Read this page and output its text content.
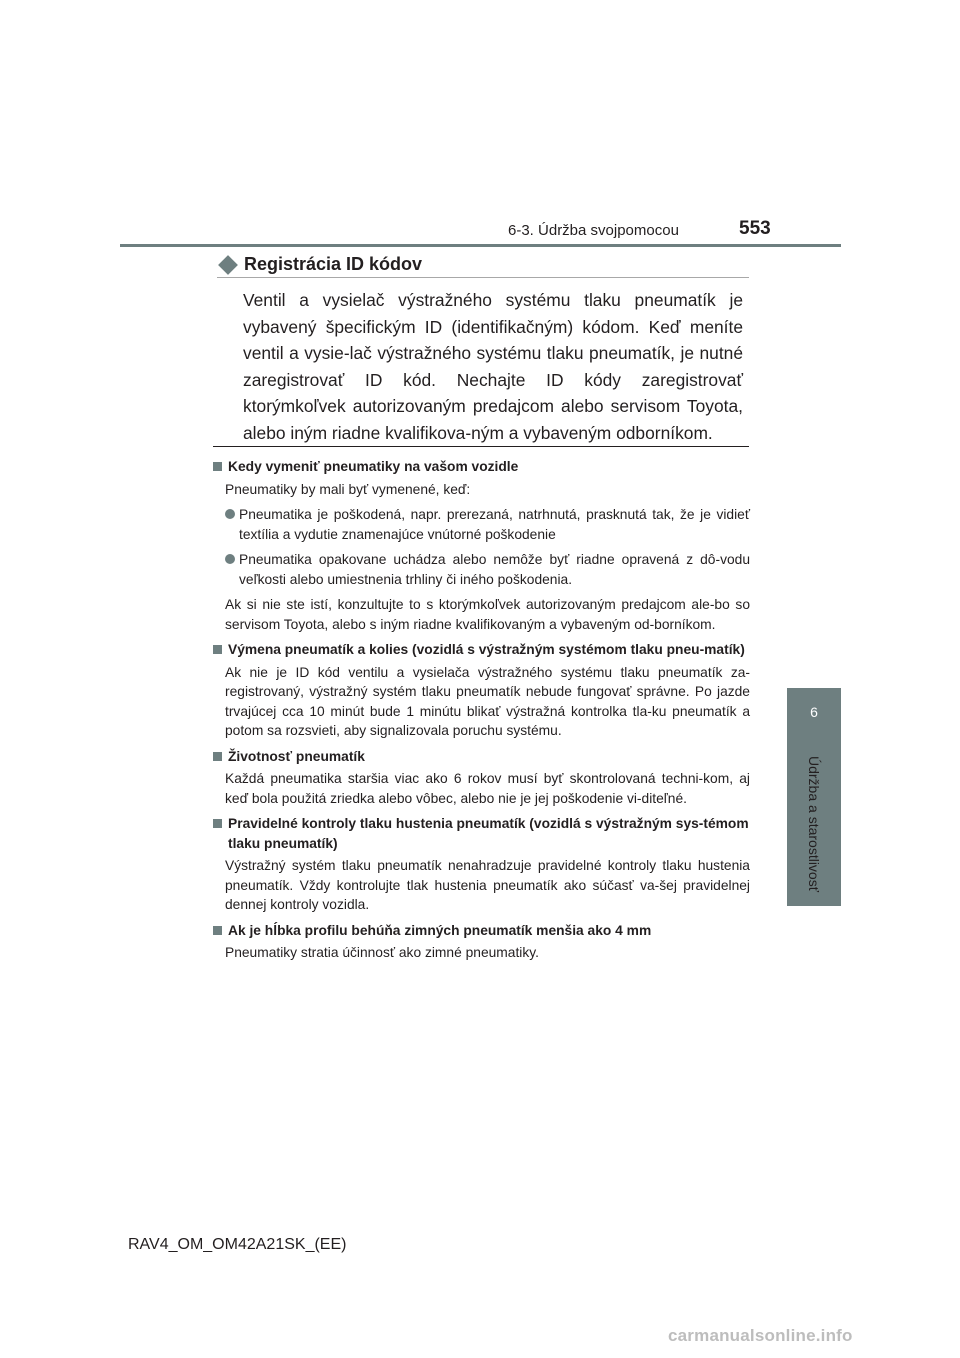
6-3. Údržba svojpomocou	553
6
Údržba a starostlivosť
Registrácia ID kódov

Ventil a vysielač výstražného systému tlaku pneumatík je vybavený špecifickým ID (identifikačným) kódom. Keď meníte ventil a vysie-lač výstražného systému tlaku pneumatík, je nutné zaregistrovať ID kód. Nechajte ID kódy zaregistrovať ktorýmkoľvek autorizovaným predajcom alebo servisom Toyota, alebo iným riadne kvalifikova-ným a vybaveným odborníkom.

Kedy vymeniť pneumatiky na vašom vozidle
Pneumatiky by mali byť vymenené, keď:
Pneumatika je poškodená, napr. prerezaná, natrhnutá, prasknutá tak, že je vidieť textília a vydutie znamenajúce vnútorné poškodenie
Pneumatika opakovane uchádza alebo nemôže byť riadne opravená z dô-vodu veľkosti alebo umiestnenia trhliny či iného poškodenia.
Ak si nie ste istí, konzultujte to s ktorýmkoľvek autorizovaným predajcom ale-bo so servisom Toyota, alebo s iným riadne kvalifikovaným a vybaveným od-borníkom.
Výmena pneumatík a kolies (vozidlá s výstražným systémom tlaku pneu-matík)
Ak nie je ID kód ventilu a vysielača výstražného systému tlaku pneumatík za-registrovaný, výstražný systém tlaku pneumatík nebude fungovať správne. Po jazde trvajúcej cca 10 minút bude 1 minútu blikať výstražná kontrolka tla-ku pneumatík a potom sa rozsvieti, aby signalizovala poruchu systému.
Životnosť pneumatík
Každá pneumatika staršia viac ako 6 rokov musí byť skontrolovaná techni-kom, aj keď bola použitá zriedka alebo vôbec, alebo nie je jej poškodenie vi-diteľné.
Pravidelné kontroly tlaku hustenia pneumatík (vozidlá s výstražným sys-témom tlaku pneumatík)
Výstražný systém tlaku pneumatík nenahradzuje pravidelné kontroly tlaku hustenia pneumatík. Vždy kontrolujte tlak hustenia pneumatík ako súčasť va-šej pravidelnej dennej kontroly vozidla.
Ak je hĺbka profilu behúňa zimných pneumatík menšia ako 4 mm
Pneumatiky stratia účinnosť ako zimné pneumatiky.
RAV4_OM_OM42A21SK_(EE)
carmanualsonline.info
